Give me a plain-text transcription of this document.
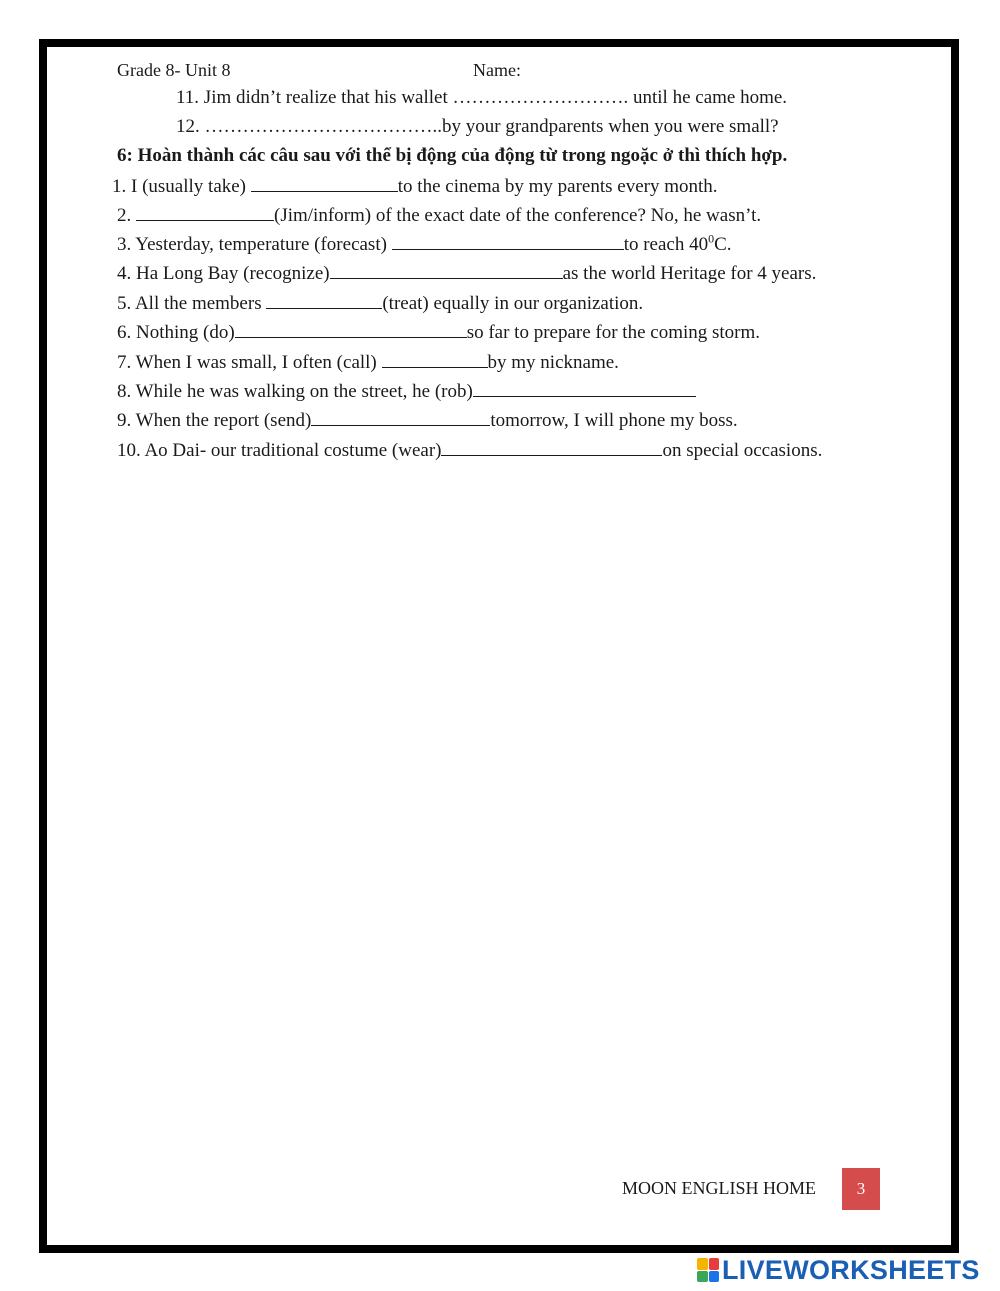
Grade 8- Unit 8	Name:
11. Jim didn’t realize that his wallet ………………………. until he came home.
12. ………………………………..by your grandparents when you were small?
6: Hoàn thành các câu sau với thể bị động của động từ trong ngoặc ở thì thích hợp.
1. I (usually take)	to the cinema by my parents every month.
2.	(Jim/inform) of the exact date of the conference? No, he wasn’t.
3. Yesterday, temperature (forecast)	to reach $40^0C$.
4. Ha Long Bay (recognize)	as the world Heritage for 4 years.
5. All the members	(treat) equally in our organization.
6. Nothing (do)	so far to prepare for the coming storm.
7. When I was small, I often (call)	by my nickname.
8. While he was walking on the street, he (rob)
9. When the report (send)	tomorrow, I will phone my boss.
10. Ao Dai- our traditional costume (wear)	on special occasions.
MOON ENGLISH HOME	3
LIVEWORKSHEETS
